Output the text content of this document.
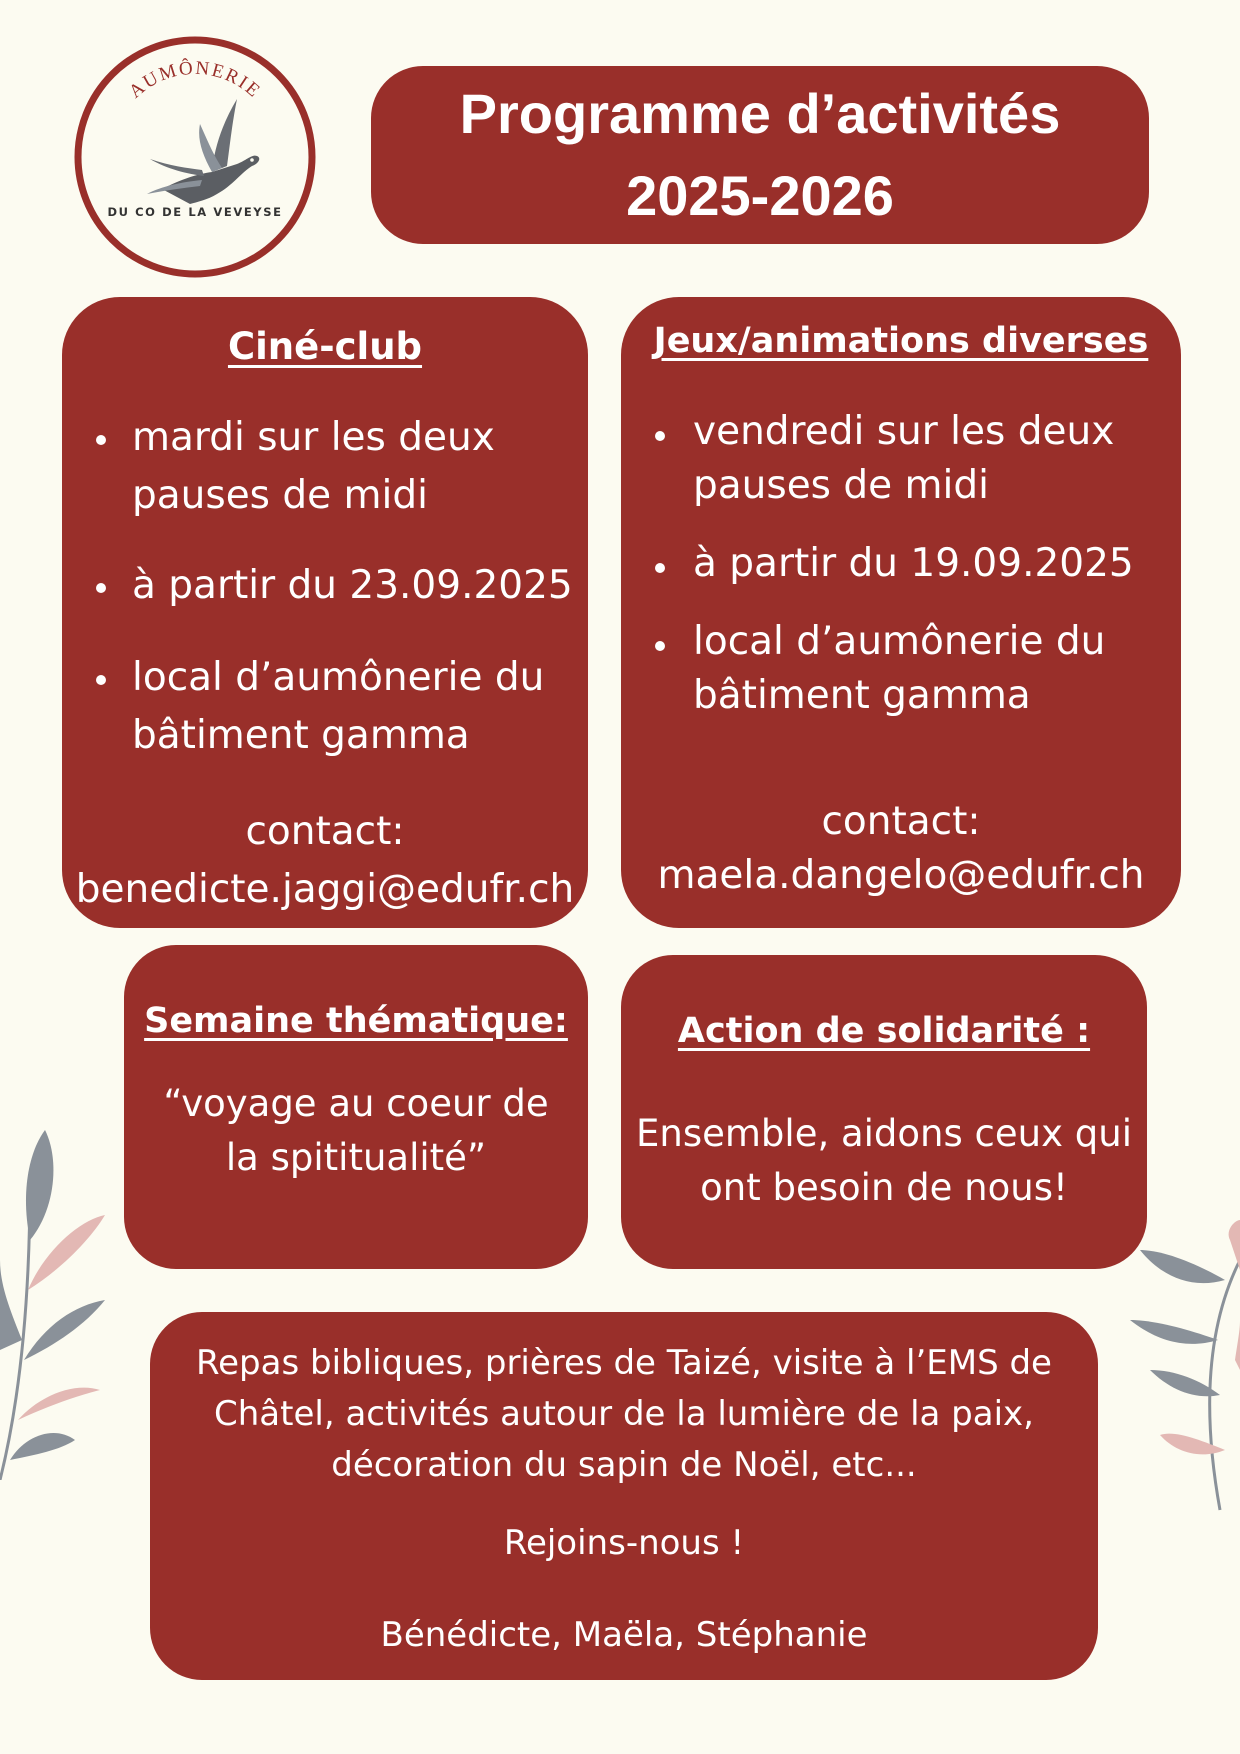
AUMÔNERIE
DU CO DE LA VEVEYSE
Programme d’activités
2025-2026

Ciné-club

mardi sur les deux pauses de midi
à partir du 23.09.2025
local d’aumônerie du bâtiment gamma
contact:
benedicte.jaggi@edufr.ch

Jeux/animations diverses

vendredi sur les deux pauses de midi
à partir du 19.09.2025
local d’aumônerie du bâtiment gamma
contact:
maela.dangelo@edufr.ch

Semaine thématique:

“voyage au coeur de la spititualité”

Action de solidarité :

Ensemble, aidons ceux qui ont besoin de nous!

Repas bibliques, prières de Taizé, visite à l’EMS de Châtel, activités autour de la lumière de la paix, décoration du sapin de Noël, etc...

Rejoins-nous !

Bénédicte, Maëla, Stéphanie
